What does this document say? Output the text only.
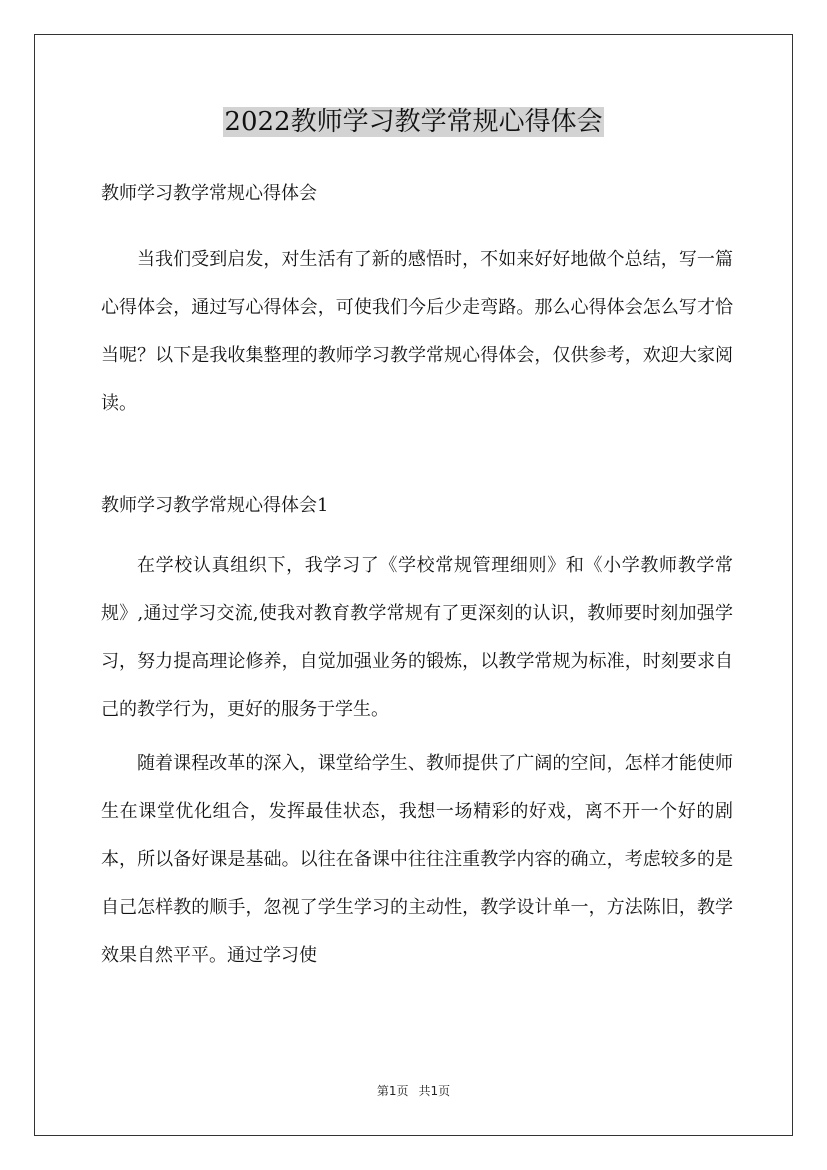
2022教师学习教学常规心得体会

教师学习教学常规心得体会

当我们受到启发，对生活有了新的感悟时，不如来好好地做个总结，写一篇心得体会，通过写心得体会，可使我们今后少走弯路。那么心得体会怎么写才恰当呢？以下是我收集整理的教师学习教学常规心得体会，仅供参考，欢迎大家阅读。

教师学习教学常规心得体会1

在学校认真组织下，我学习了《学校常规管理细则》和《小学教师教学常规》,通过学习交流,使我对教育教学常规有了更深刻的认识，教师要时刻加强学习，努力提高理论修养，自觉加强业务的锻炼，以教学常规为标准，时刻要求自己的教学行为，更好的服务于学生。

随着课程改革的深入，课堂给学生、教师提供了广阔的空间，怎样才能使师生在课堂优化组合，发挥最佳状态，我想一场精彩的好戏，离不开一个好的剧本，所以备好课是基础。以往在备课中往往注重教学内容的确立，考虑较多的是自己怎样教的顺手，忽视了学生学习的主动性，教学设计单一，方法陈旧，教学效果自然平平。通过学习使

第1页 共1页
